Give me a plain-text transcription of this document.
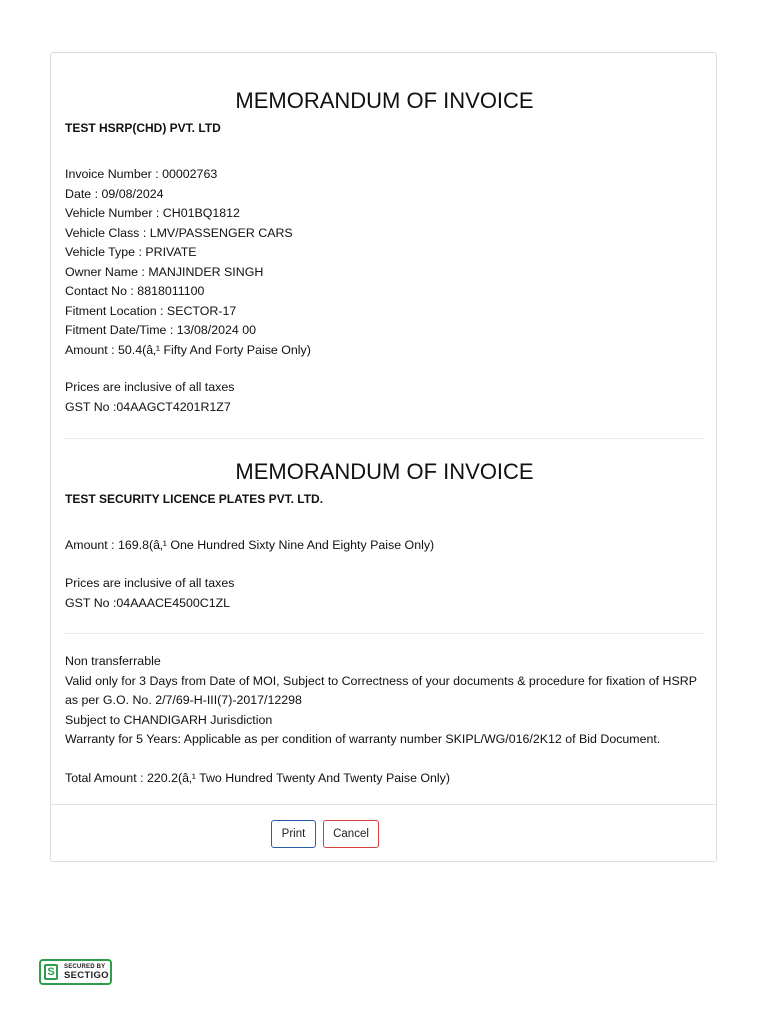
MEMORANDUM OF INVOICE
TEST HSRP(CHD) PVT. LTD
Invoice Number : 00002763
Date : 09/08/2024
Vehicle Number : CH01BQ1812
Vehicle Class : LMV/PASSENGER CARS
Vehicle Type : PRIVATE
Owner Name : MANJINDER SINGH
Contact No : 8818011100
Fitment Location : SECTOR-17
Fitment Date/Time : 13/08/2024 00
Amount : 50.4(â‚¹ Fifty And Forty Paise Only)
Prices are inclusive of all taxes
GST No :04AAGCT4201R1Z7
MEMORANDUM OF INVOICE
TEST SECURITY LICENCE PLATES PVT. LTD.
Amount : 169.8(â‚¹ One Hundred Sixty Nine And Eighty Paise Only)
Prices are inclusive of all taxes
GST No :04AAACE4500C1ZL
Non transferrable
Valid only for 3 Days from Date of MOI, Subject to Correctness of your documents & procedure for fixation of HSRP as per G.O. No. 2/7/69-H-III(7)-2017/12298
Subject to CHANDIGARH Jurisdiction
Warranty for 5 Years: Applicable as per condition of warranty number SKIPL/WG/016/2K12 of Bid Document.
Total Amount : 220.2(â‚¹ Two Hundred Twenty And Twenty Paise Only)
Print	Cancel
S	SECURED BY
SECTIGO
